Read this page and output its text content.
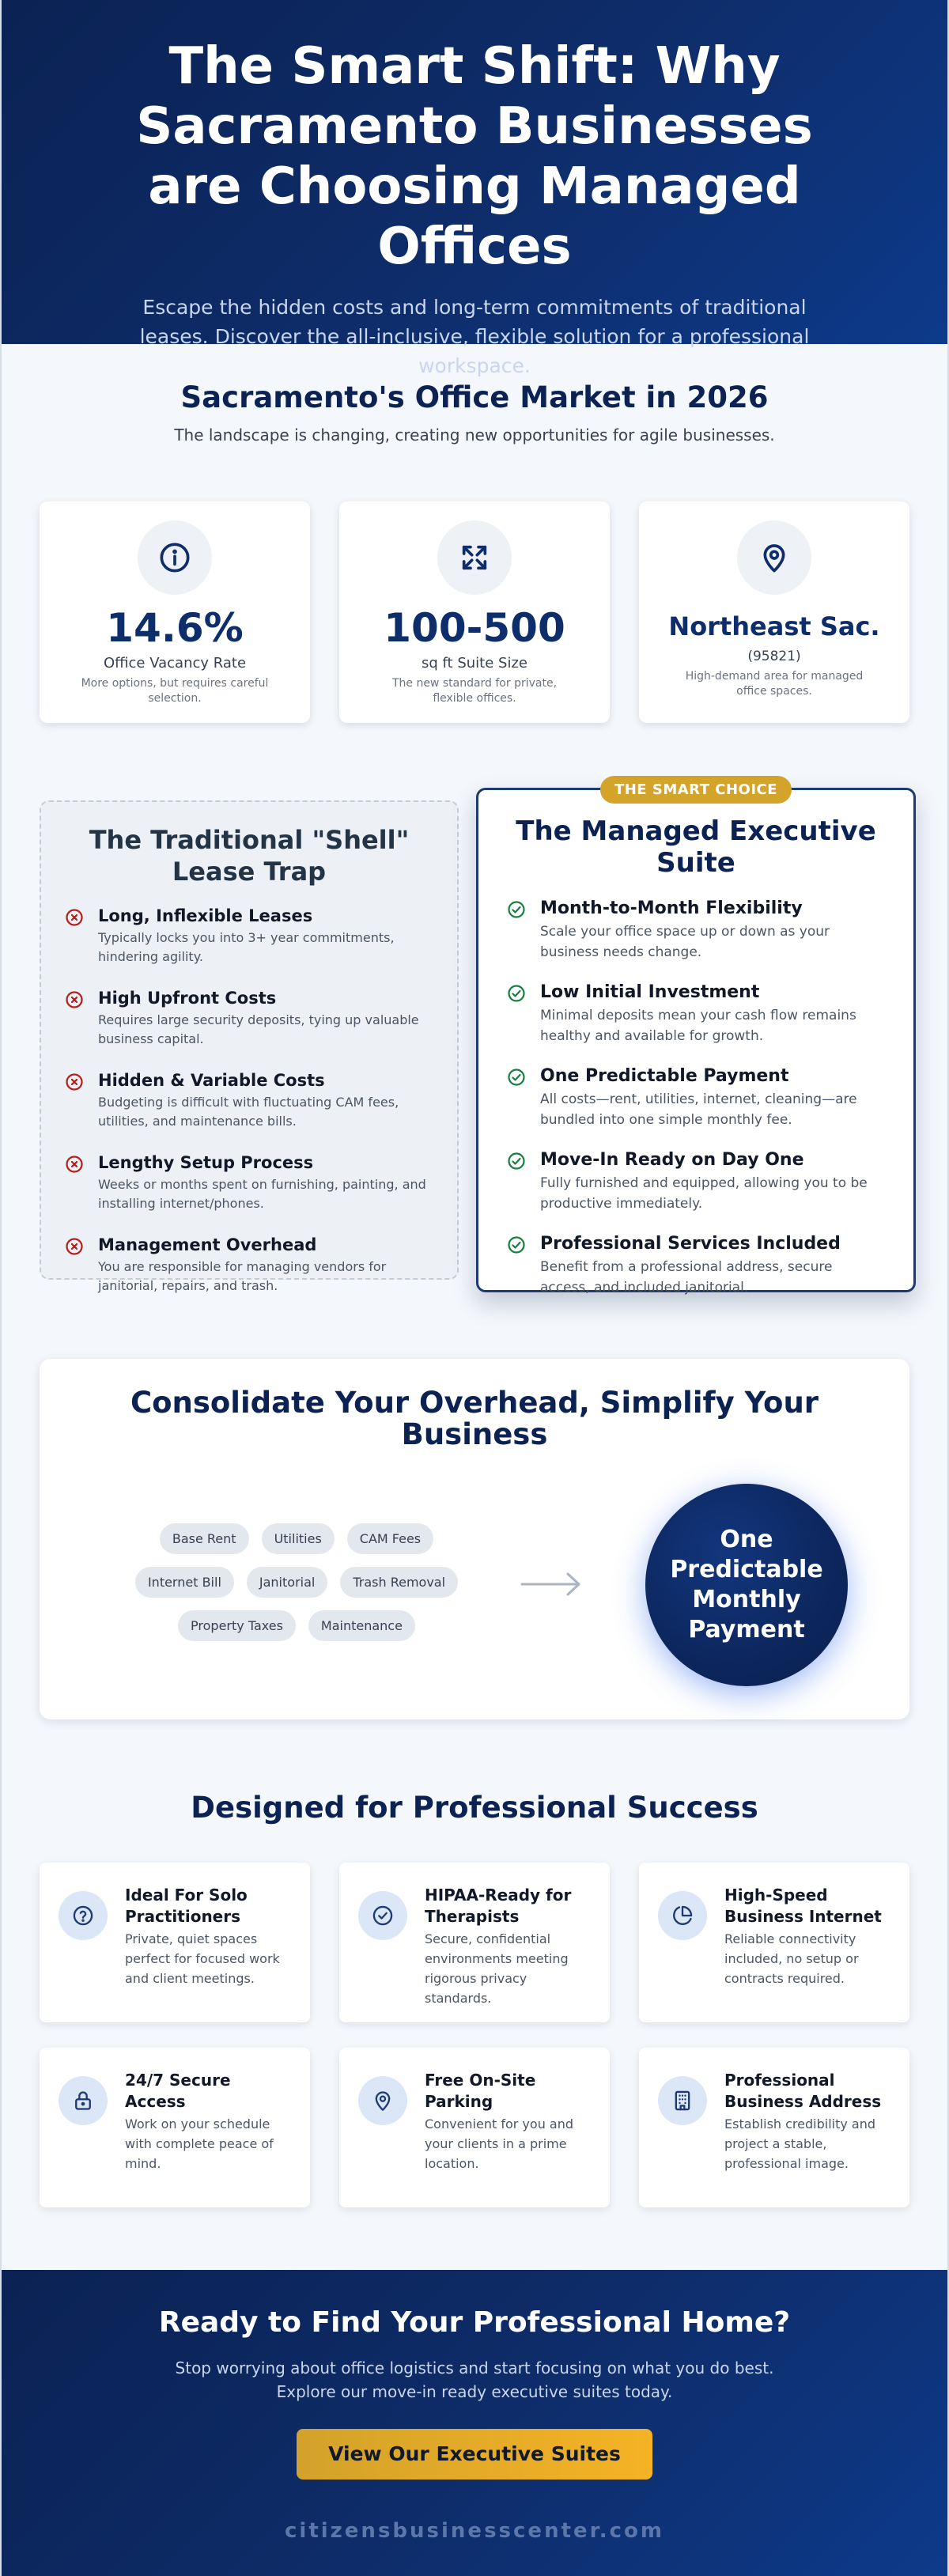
The Smart Shift: Why Sacramento Businesses are Choosing Managed Offices

Escape the hidden costs and long-term commitments of traditional leases. Discover the all-inclusive, flexible solution for a professional workspace.

Sacramento's Office Market in 2026

The landscape is changing, creating new opportunities for agile businesses.

14.6%
Office Vacancy Rate
More options, but requires careful selection.
100-500
sq ft Suite Size
The new standard for private, flexible offices.
Northeast Sac.
(95821)
High-demand area for managed office spaces.
The Traditional "Shell" Lease Trap
Long, Inflexible Leases
Typically locks you into 3+ year commitments, hindering agility.
High Upfront Costs
Requires large security deposits, tying up valuable business capital.
Hidden & Variable Costs
Budgeting is difficult with fluctuating CAM fees, utilities, and maintenance bills.
Lengthy Setup Process
Weeks or months spent on furnishing, painting, and installing internet/phones.
Management Overhead
You are responsible for managing vendors for janitorial, repairs, and trash.
THE SMART CHOICE
The Managed Executive Suite
Month-to-Month Flexibility
Scale your office space up or down as your business needs change.
Low Initial Investment
Minimal deposits mean your cash flow remains healthy and available for growth.
One Predictable Payment
All costs—rent, utilities, internet, cleaning—are bundled into one simple monthly fee.
Move-In Ready on Day One
Fully furnished and equipped, allowing you to be productive immediately.
Professional Services Included
Benefit from a professional address, secure access, and included janitorial.
Consolidate Your Overhead, Simplify Your Business
Base Rent	Utilities	CAM Fees
Internet Bill	Janitorial	Trash Removal
Property Taxes	Maintenance
One Predictable Monthly Payment
Designed for Professional Success
Ideal For Solo Practitioners
Private, quiet spaces perfect for focused work and client meetings.
HIPAA-Ready for Therapists
Secure, confidential environments meeting rigorous privacy standards.
High-Speed Business Internet
Reliable connectivity included, no setup or contracts required.
24/7 Secure Access
Work on your schedule with complete peace of mind.
Free On-Site Parking
Convenient for you and your clients in a prime location.
Professional Business Address
Establish credibility and project a stable, professional image.
Ready to Find Your Professional Home?

Stop worrying about office logistics and start focusing on what you do best. Explore our move-in ready executive suites today.

View Our Executive Suites
citizensbusinesscenter.com
